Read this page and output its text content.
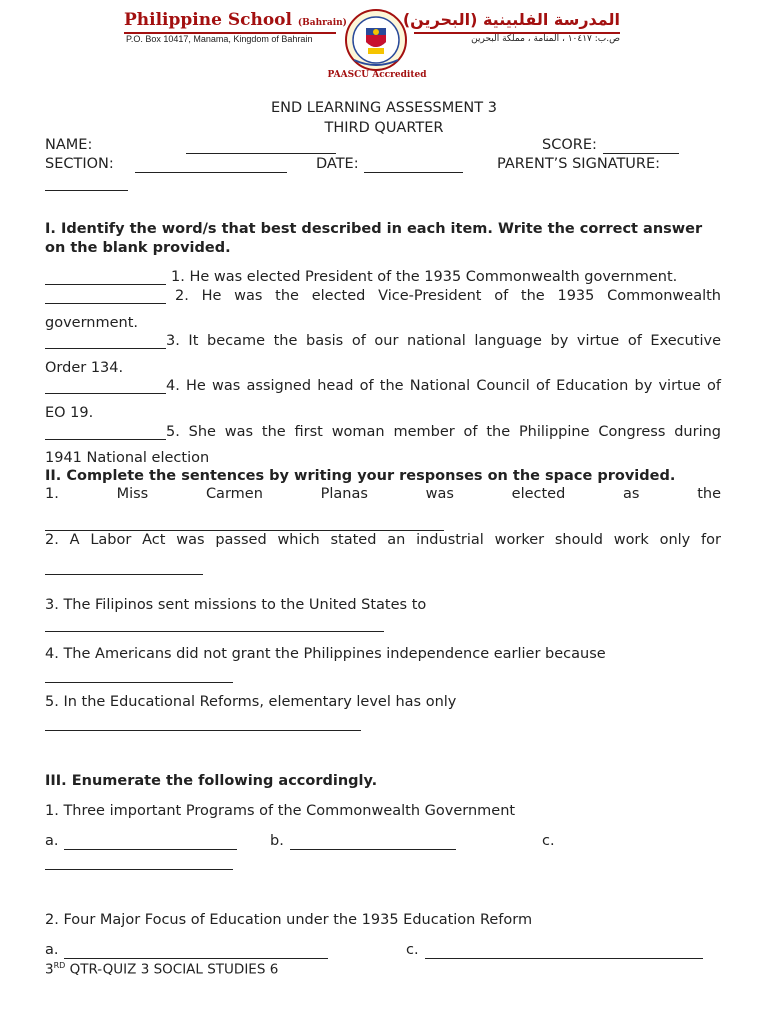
Philippine School (Bahrain)
P.O. Box 10417, Manama, Kingdom of Bahrain
المدرسة الفلبينية (البحرين)
ص.ب: ١٠٤١٧ ، المنامة ، مملكة البحرين
PAASCU Accredited
END LEARNING ASSESSMENT 3
THIRD QUARTER
NAME:	SCORE:
SECTION:	DATE:	PARENT’S SIGNATURE:
I. Identify the word/s that best described in each item. Write the correct answer on the blank provided.
1. He was elected President of the 1935 Commonwealth government.
2. He was the elected Vice-President of the 1935 Commonwealth
government.
3. It became the basis of our national language by virtue of Executive
Order 134.
4. He was assigned head of the National Council of Education by virtue of
EO 19.
5. She was the first woman member of the Philippine Congress during
1941 National election
II. Complete the sentences by writing your responses on the space provided.
1.	Miss	Carmen	Planas	was	elected	as	the
2. A Labor Act was passed which stated an industrial worker should work only for
3. The Filipinos sent missions to the United States to
4. The Americans did not grant the Philippines independence earlier because
5. In the Educational Reforms, elementary level has only
III. Enumerate the following accordingly.
1. Three important Programs of the Commonwealth Government
a.	b.	c.
2. Four Major Focus of Education under the 1935 Education Reform
a.	c.
3RD QTR-QUIZ 3 SOCIAL STUDIES 6
